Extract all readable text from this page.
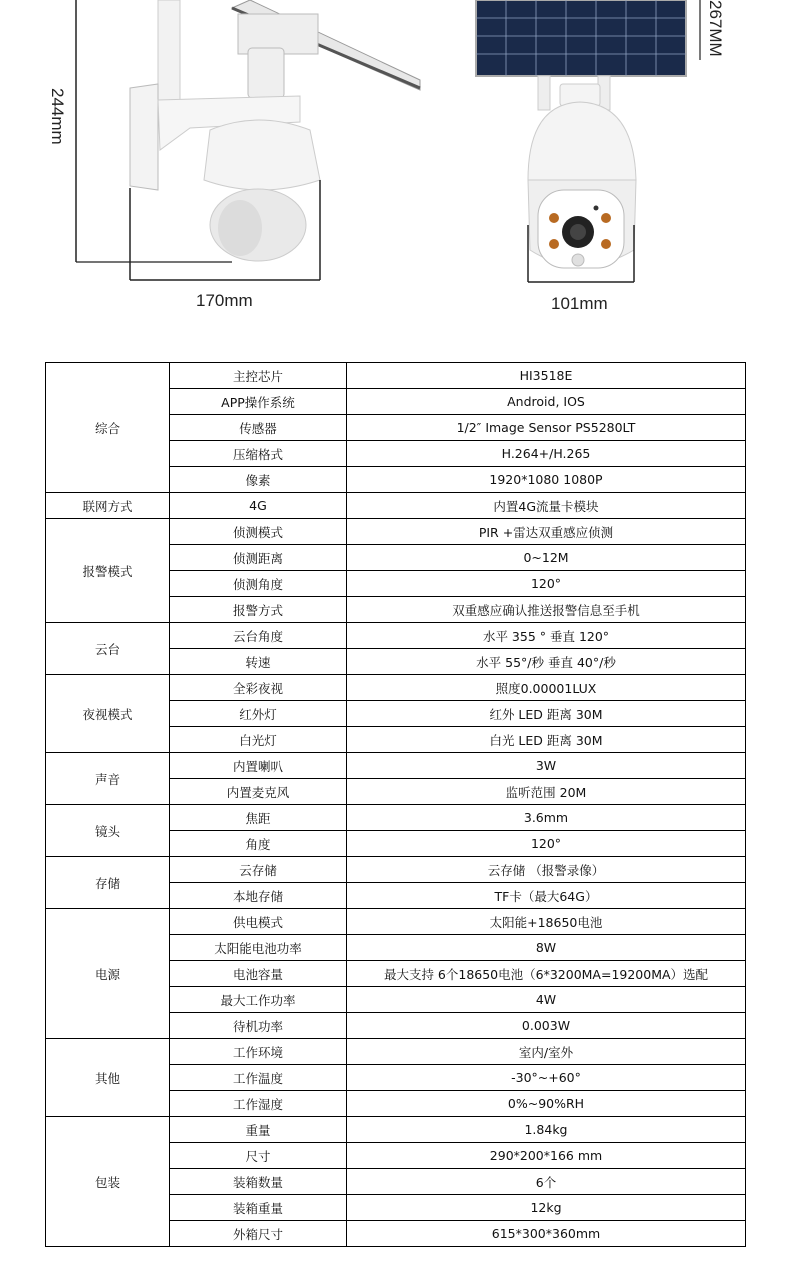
244mm
170mm
267MM
101mm
综合	主控芯片	HI3518E
	APP操作系统	Android, IOS
	传感器	1/2″ Image Sensor PS5280LT
	压缩格式	H.264+/H.265
	像素	1920*1080 1080P
联网方式	4G	内置4G流量卡模块
报警模式	侦测模式	PIR +雷达双重感应侦测
	侦测距离	0~12M
	侦测角度	120°
	报警方式	双重感应确认推送报警信息至手机
云台	云台角度	水平 355 ° 垂直 120°
	转速	水平 55°/秒 垂直 40°/秒
夜视模式	全彩夜视	照度0.00001LUX
	红外灯	红外 LED 距离 30M
	白光灯	白光 LED 距离 30M
声音	内置喇叭	3W
	内置麦克风	监听范围 20M
镜头	焦距	3.6mm
	角度	120°
存储	云存储	云存储 （报警录像）
	本地存储	TF卡（最大64G）
电源	供电模式	太阳能+18650电池
	太阳能电池功率	8W
	电池容量	最大支持 6个18650电池（6*3200MA=19200MA）选配
	最大工作功率	4W
	待机功率	0.003W
其他	工作环境	室内/室外
	工作温度	-30°~+60°
	工作湿度	0%~90%RH
包装	重量	1.84kg
	尺寸	290*200*166 mm
	装箱数量	6个
	装箱重量	12kg
	外箱尺寸	615*300*360mm
